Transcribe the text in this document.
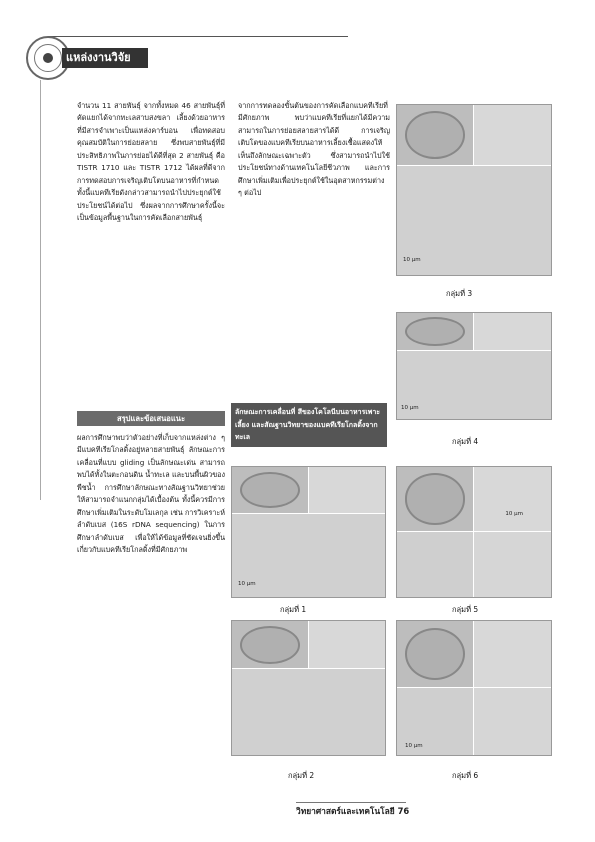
แหล่งงานวิจัย

จำนวน 11 สายพันธุ์ จากทั้งหมด 46 สายพันธุ์ที่คัดแยกได้จากทะเลสาบสงขลา เลี้ยงด้วยอาหารที่มีสารจำเพาะเป็นแหล่งคาร์บอน เพื่อทดสอบคุณสมบัติในการย่อยสลาย ซึ่งพบสายพันธุ์ที่มีประสิทธิภาพในการย่อยได้ดีที่สุด 2 สายพันธุ์ คือ TISTR 1710 และ TISTR 1712 ได้ผลที่ดีจากการทดสอบการเจริญเติบโตบนอาหารที่กำหนด ทั้งนี้แบคทีเรียดังกล่าวสามารถนำไปประยุกต์ใช้ประโยชน์ได้ต่อไป ซึ่งผลจากการศึกษาครั้งนี้จะเป็นข้อมูลพื้นฐานในการคัดเลือกสายพันธุ์

สรุปและข้อเสนอแนะ

ผลการศึกษาพบว่าตัวอย่างที่เก็บจากแหล่งต่าง ๆ มีแบคทีเรียโกลดิ้งอยู่หลายสายพันธุ์ ลักษณะการเคลื่อนที่แบบ gliding เป็นลักษณะเด่น สามารถพบได้ทั้งในตะกอนดิน น้ำทะเล และบนพื้นผิวของพืชน้ำ การศึกษาลักษณะทางสัณฐานวิทยาช่วยให้สามารถจำแนกกลุ่มได้เบื้องต้น ทั้งนี้ควรมีการศึกษาเพิ่มเติมในระดับโมเลกุล เช่น การวิเคราะห์ลำดับเบส (16S rDNA sequencing) ในการศึกษาลำดับเบส เพื่อให้ได้ข้อมูลที่ชัดเจนยิ่งขึ้นเกี่ยวกับแบคทีเรียโกลดิ้งที่มีศักยภาพ

จากการทดลองขั้นต้นของการคัดเลือกแบคทีเรียที่มีศักยภาพ พบว่าแบคทีเรียที่แยกได้มีความสามารถในการย่อยสลายสารได้ดี การเจริญเติบโตของแบคทีเรียบนอาหารเลี้ยงเชื้อแสดงให้เห็นถึงลักษณะเฉพาะตัว ซึ่งสามารถนำไปใช้ประโยชน์ทางด้านเทคโนโลยีชีวภาพ และการศึกษาเพิ่มเติมเพื่อประยุกต์ใช้ในอุตสาหกรรมต่าง ๆ ต่อไป

ลักษณะการเคลื่อนที่ สีของโคโลนีบนอาหารเพาะเลี้ยง และสัณฐานวิทยาของแบคทีเรียโกลดิ้งจากทะเล
10 µm
กลุ่มที่ 3
10 µm
กลุ่มที่ 4
10 µm
กลุ่มที่ 1
10 µm
กลุ่มที่ 5
กลุ่มที่ 2
10 µm
กลุ่มที่ 6
วิทยาศาสตร์และเทคโนโลยี 76
